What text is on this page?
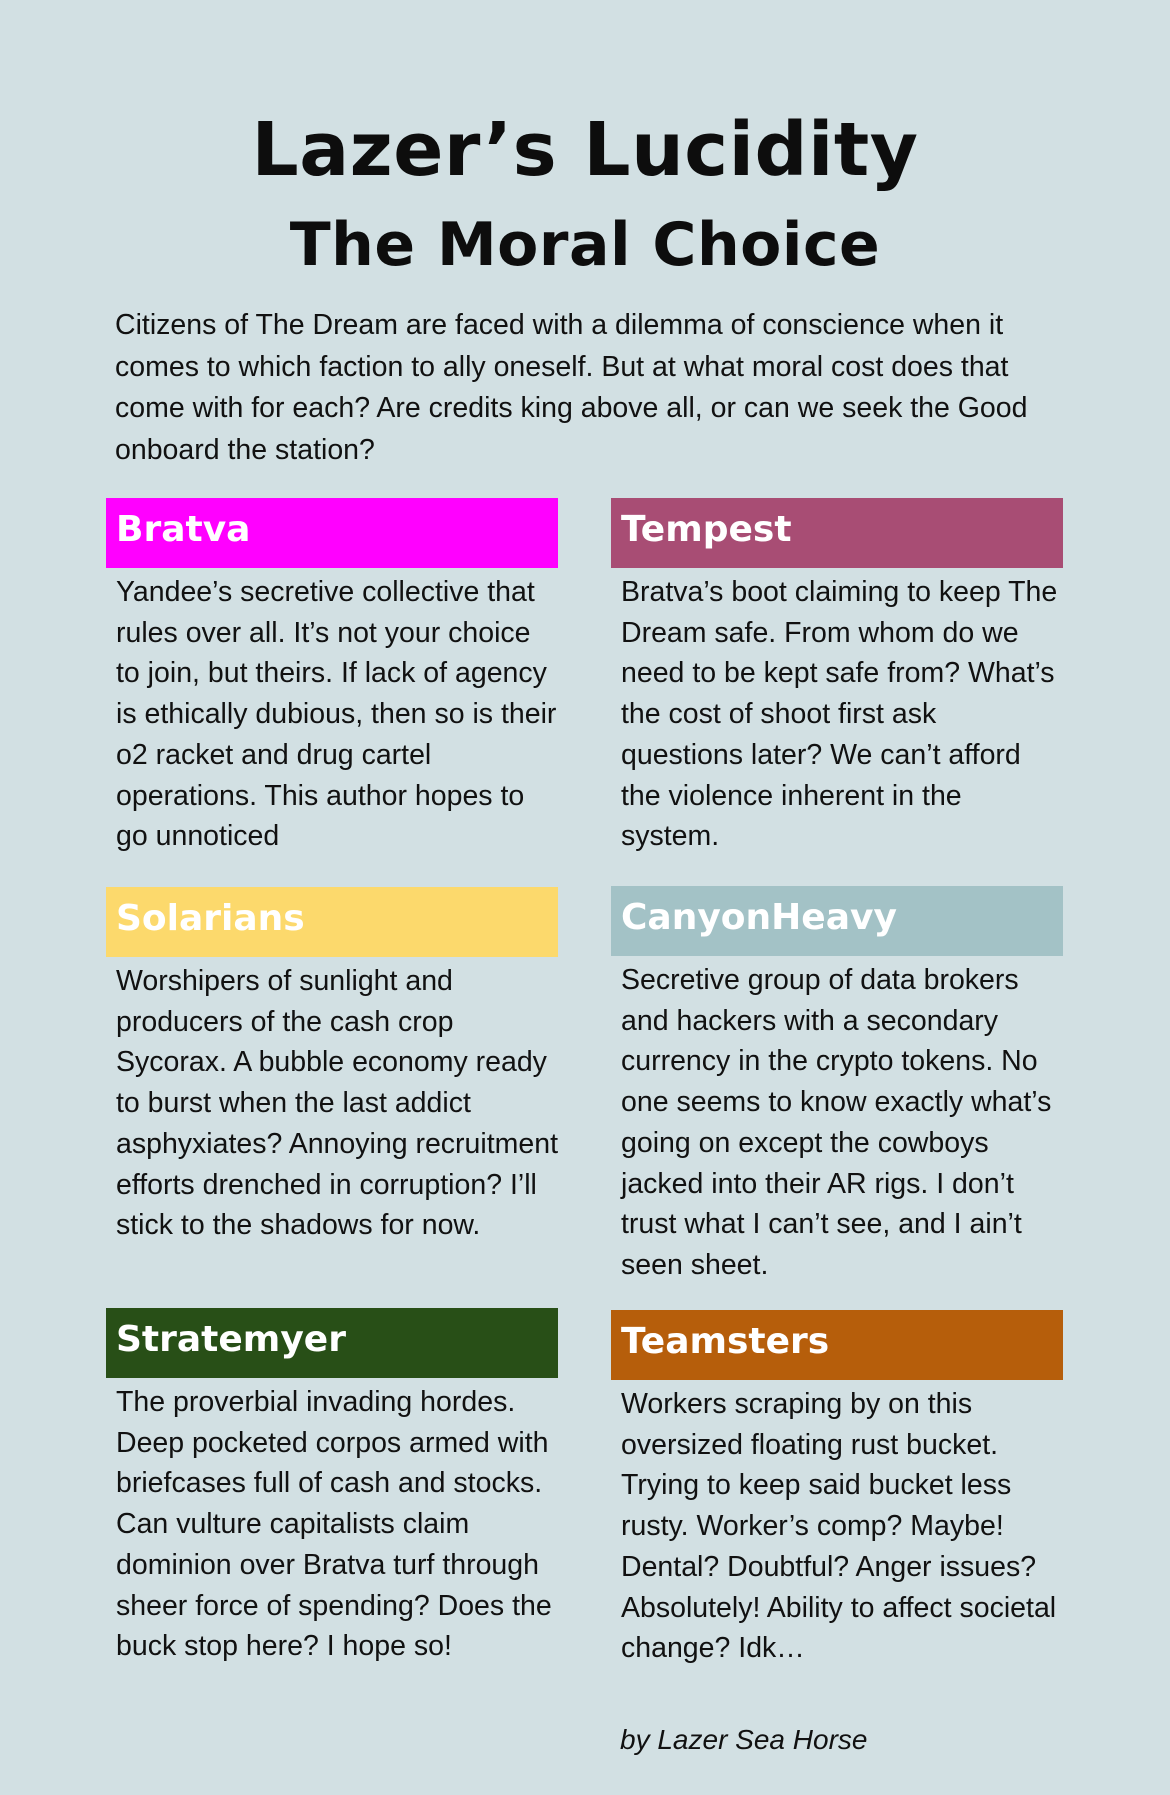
Lazer’s Lucidity
The Moral Choice

Citizens of The Dream are faced with a dilemma of conscience when it comes to which faction to ally oneself. But at what moral cost does that come with for each? Are credits king above all, or can we seek the Good onboard the station?

Bratva

Yandee’s secretive collective that rules over all. It’s not your choice to join, but theirs. If lack of agency is ethically dubious, then so is their o2 racket and drug cartel operations. This author hopes to go unnoticed

Tempest

Bratva’s boot claiming to keep The Dream safe. From whom do we need to be kept safe from? What’s the cost of shoot first ask questions later? We can’t afford the violence inherent in the system.

Solarians

Worshipers of sunlight and producers of the cash crop Sycorax. A bubble economy ready to burst when the last addict asphyxiates? Annoying recruitment efforts drenched in corruption? I’ll stick to the shadows for now.

CanyonHeavy

Secretive group of data brokers and hackers with a secondary currency in the crypto tokens. No one seems to know exactly what’s going on except the cowboys jacked into their AR rigs. I don’t trust what I can’t see, and I ain’t seen sheet.

Stratemyer

The proverbial invading hordes. Deep pocketed corpos armed with briefcases full of cash and stocks. Can vulture capitalists claim dominion over Bratva turf through sheer force of spending? Does the buck stop here? I hope so!

Teamsters

Workers scraping by on this oversized floating rust bucket. Trying to keep said bucket less rusty. Worker’s comp? Maybe! Dental? Doubtful? Anger issues? Absolutely! Ability to affect societal change? Idk…

by Lazer Sea Horse
